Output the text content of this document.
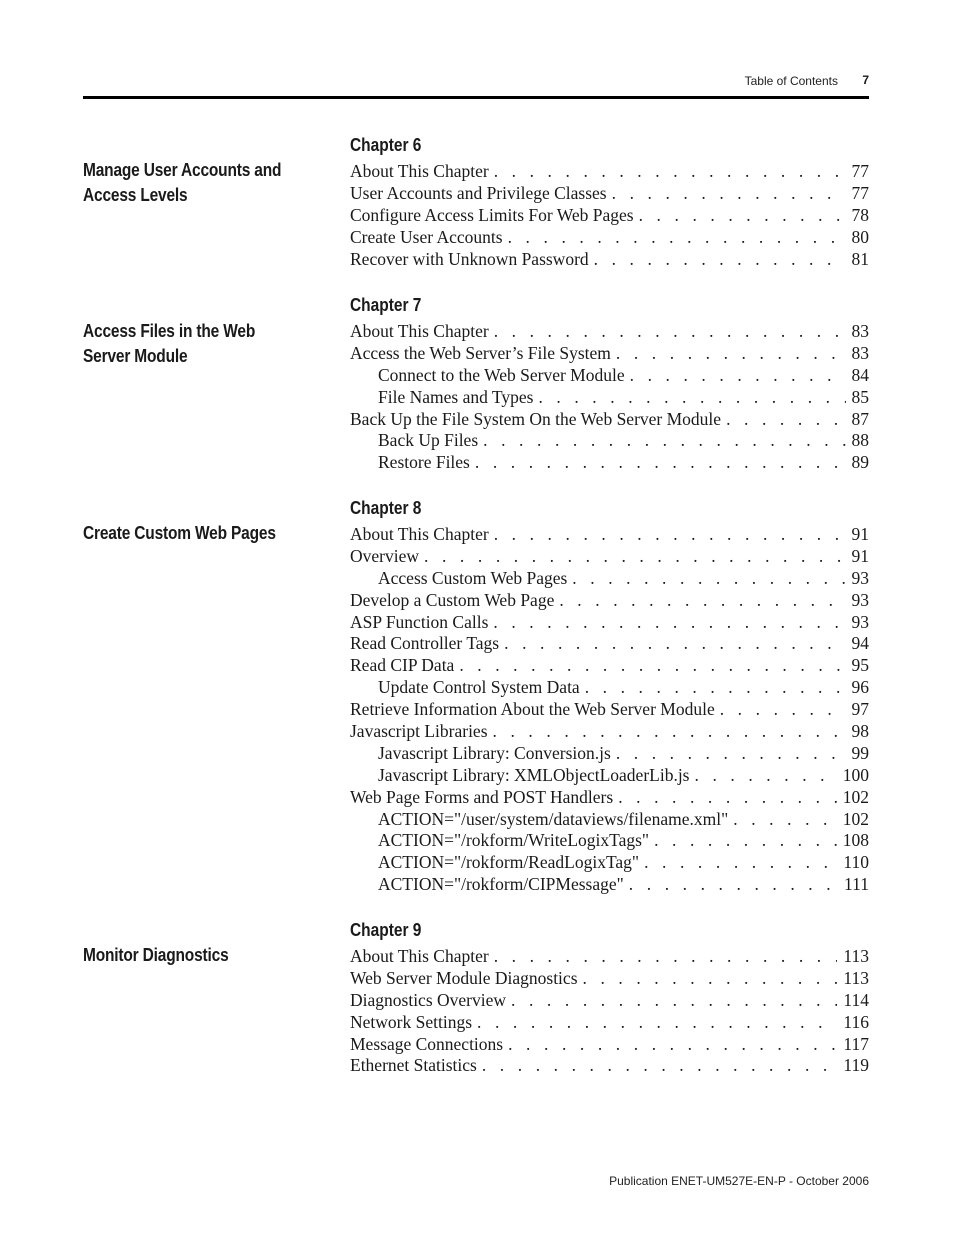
Table of Contents 7
Manage User Accounts and Access Levels
Chapter 6
About This Chapter . . .	77
User Accounts and Privilege Classes . . .	77
Configure Access Limits For Web Pages . . .	78
Create User Accounts . . .	80
Recover with Unknown Password . . .	81
Access Files in the Web Server Module
Chapter 7
About This Chapter . . .	83
Access the Web Server’s File System . . .	83
Connect to the Web Server Module . . .	84
File Names and Types . . .	85
Back Up the File System On the Web Server Module . . .	87
Back Up Files . . .	88
Restore Files . . .	89
Create Custom Web Pages
Chapter 8
About This Chapter . . .	91
Overview . . .	91
Access Custom Web Pages . . .	93
Develop a Custom Web Page . . .	93
ASP Function Calls . . .	93
Read Controller Tags . . .	94
Read CIP Data . . .	95
Update Control System Data . . .	96
Retrieve Information About the Web Server Module . . .	97
Javascript Libraries . . .	98
Javascript Library: Conversion.js . . .	99
Javascript Library: XMLObjectLoaderLib.js . . .	100
Web Page Forms and POST Handlers . . .	102
ACTION="/user/system/dataviews/filename.xml" . . .	102
ACTION="/rokform/WriteLogixTags" . . .	108
ACTION="/rokform/ReadLogixTag" . . .	110
ACTION="/rokform/CIPMessage" . . .	111
Monitor Diagnostics
Chapter 9
About This Chapter . . .	113
Web Server Module Diagnostics . . .	113
Diagnostics Overview . . .	114
Network Settings . . .	116
Message Connections . . .	117
Ethernet Statistics . . .	119
Publication ENET-UM527E-EN-P - October 2006
